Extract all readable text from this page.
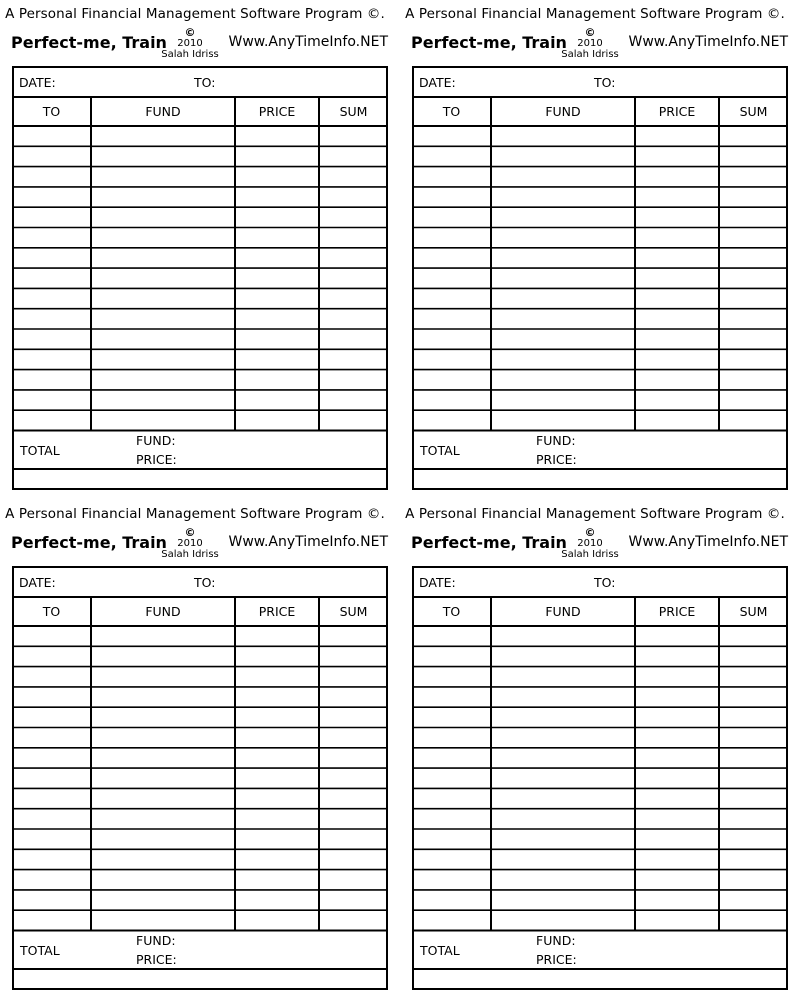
A Personal Financial Management Software Program ©.
Perfect-me, Train
©
2010
Salah Idriss
Www.AnyTimeInfo.NET
DATE:	TO:
TO	FUND	PRICE	SUM
TOTAL
FUND:
PRICE:
A Personal Financial Management Software Program ©.
Perfect-me, Train
©
2010
Salah Idriss
Www.AnyTimeInfo.NET
DATE:	TO:
TO	FUND	PRICE	SUM
TOTAL
FUND:
PRICE:
A Personal Financial Management Software Program ©.
Perfect-me, Train
©
2010
Salah Idriss
Www.AnyTimeInfo.NET
DATE:	TO:
TO	FUND	PRICE	SUM
TOTAL
FUND:
PRICE:
A Personal Financial Management Software Program ©.
Perfect-me, Train
©
2010
Salah Idriss
Www.AnyTimeInfo.NET
DATE:	TO:
TO	FUND	PRICE	SUM
TOTAL
FUND:
PRICE:
